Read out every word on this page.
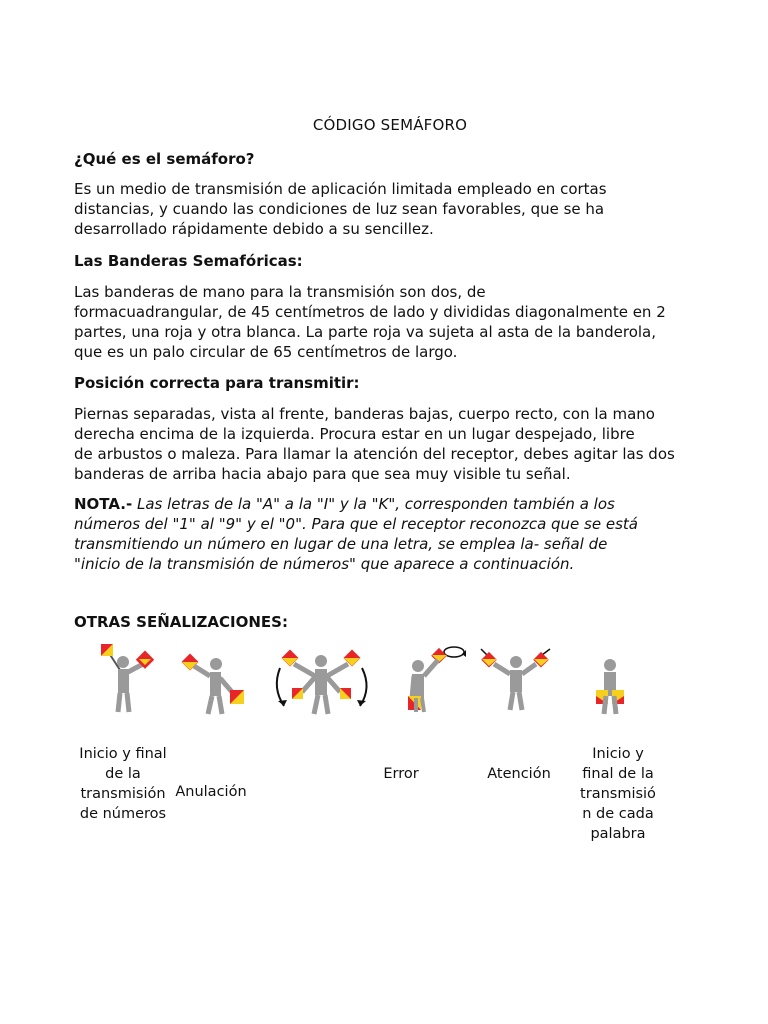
CÓDIGO SEMÁFORO
¿Qué es el semáforo?
Es un medio de transmisión de aplicación limitada empleado en cortas
distancias, y cuando las condiciones de luz sean favorables, que se ha
desarrollado rápidamente debido a su sencillez.
Las Banderas Semafóricas:
Las banderas de mano para la transmisión son dos, de
formacuadrangular, de 45 centímetros de lado y divididas diagonalmente en 2
partes, una roja y otra blanca. La parte roja va sujeta al asta de la banderola,
que es un palo circular de 65 centímetros de largo.
Posición correcta para transmitir:
Piernas separadas, vista al frente, banderas bajas, cuerpo recto, con la mano
derecha encima de la izquierda. Procura estar en un lugar despejado, libre
de arbustos o maleza. Para llamar la atención del receptor, debes agitar las dos
banderas de arriba hacia abajo para que sea muy visible tu señal.
NOTA.- Las letras de la "A" a la "I" y la "K", corresponden también a los
números del "1" al "9" y el "0". Para que el receptor reconozca que se está
transmitiendo un número en lugar de una letra, se emplea la- señal de
"inicio de la transmisión de números" que aparece a continuación.
OTRAS SEÑALIZACIONES:
Inicio y final
de la
transmisión
de números
Anulación
Error	Atención
Inicio y
final de la
transmisió
n de cada
palabra
